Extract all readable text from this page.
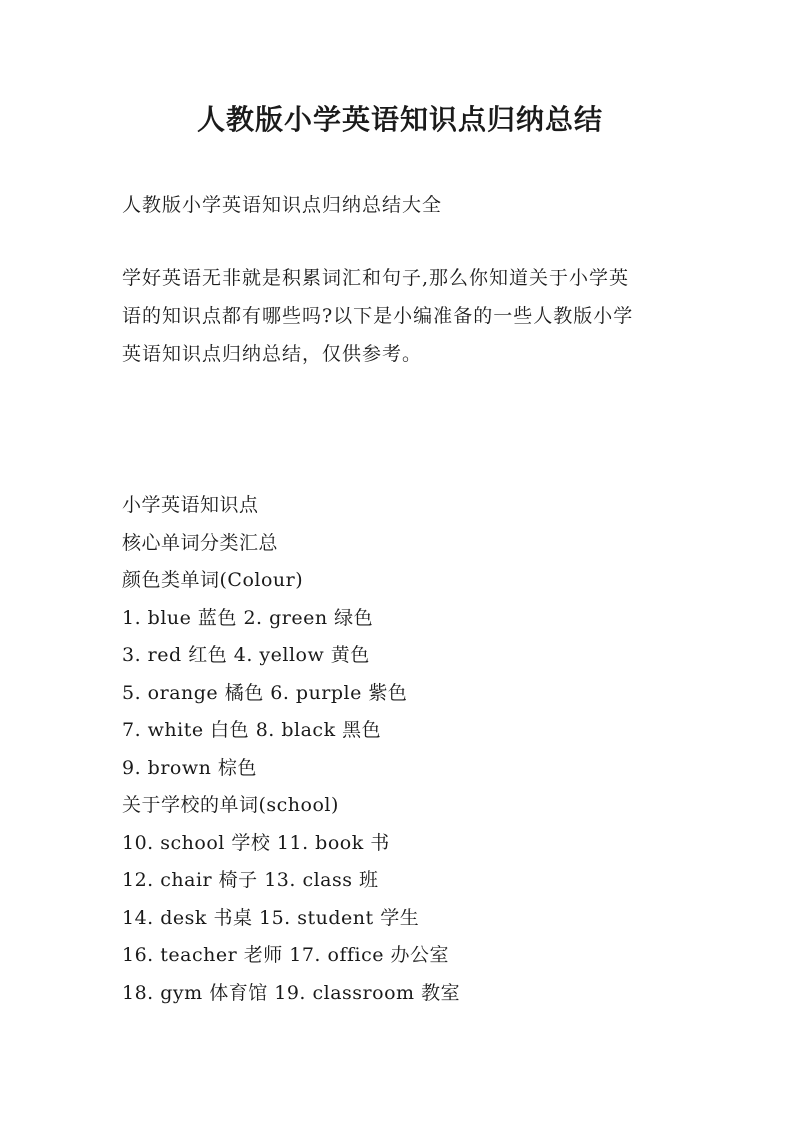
人教版小学英语知识点归纳总结

人教版小学英语知识点归纳总结大全

学好英语无非就是积累词汇和句子,那么你知道关于小学英
语的知识点都有哪些吗?以下是小编准备的一些人教版小学
英语知识点归纳总结，仅供参考。

小学英语知识点
核心单词分类汇总
颜色类单词(Colour)
1. blue 蓝色 2. green 绿色
3. red 红色 4. yellow 黄色
5. orange 橘色 6. purple 紫色
7. white 白色 8. black 黑色
9. brown 棕色
关于学校的单词(school)
10. school 学校 11. book 书
12. chair 椅子 13. class 班
14. desk 书桌 15. student 学生
16. teacher 老师 17. office 办公室
18. gym 体育馆 19. classroom 教室
